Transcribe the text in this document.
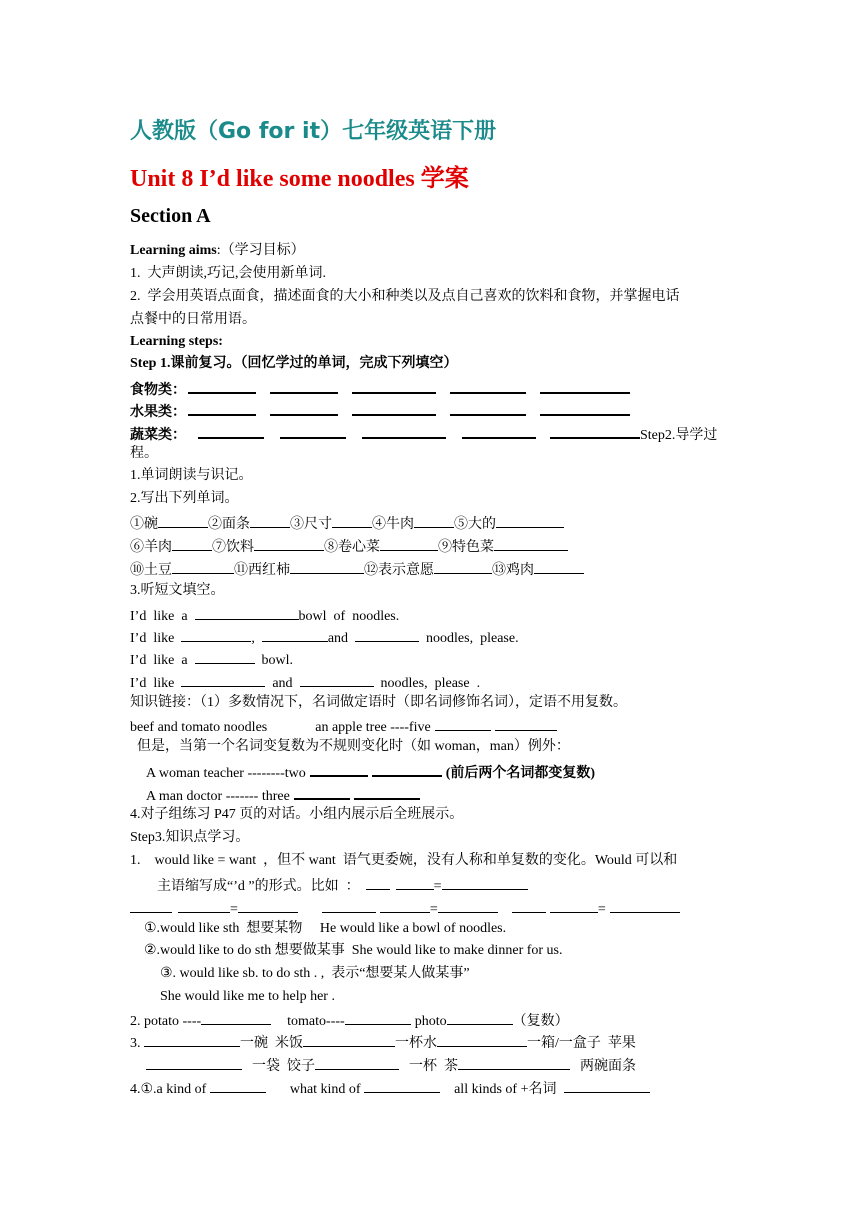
人教版（Go for it）七年级英语下册
Unit 8 I’d like some noodles 学案
Section A
Learning aims:（学习目标）
1.  大声朗读,巧记,会使用新单词.
2.  学会用英语点面食，描述面食的大小和种类以及点自己喜欢的饮料和食物，并掌握电话
点餐中的日常用语。
Learning steps:
Step 1.课前复习。（回忆学过的单词，完成下列填空）
食物类：
水果类：
蔬菜类：	Step2.导学过
程。
1.单词朗读与识记。
2.写出下列单词。
①碗	②面条	③尺寸	④牛肉	⑤大的
⑥羊肉	⑦饮料	⑧卷心菜	⑨特色菜
⑩土豆	⑪西红柿	⑫表示意愿	⑬鸡肉
3.听短文填空。
I’d  like  a	bowl  of  noodles.
I’d  like	,	and	noodles,  please.
I’d  like  a	bowl.
I’d  like	and	noodles,  please  .
知识链接：（1）多数情况下，名词做定语时（即名词修饰名词），定语不用复数。
beef and tomato noodles	an apple tree ----five
但是，当第一个名词变复数为不规则变化时（如 woman，man）例外：
A woman teacher --------two	(前后两个名词都变复数)
A man doctor ------- three
4.对子组练习 P47 页的对话。小组内展示后全班展示。
Step3.知识点学习。
1.    would like = want  ，但不 want  语气更委婉，没有人称和单复数的变化。Would 可以和
主语缩写成“’d ”的形式。比如  ：	=
=	=	=
①.would like sth  想要某物     He would like a bowl of noodles.
②.would like to do sth 想要做某事  She would like to make dinner for us.
③. would like sb. to do sth . ,  表示“想要某人做某事”
She would like me to help her .
2. potato ----	tomato----	photo	（复数）
3.	一碗  米饭	一杯水	一箱/一盒子  苹果
一袋  饺子	一杯  茶	两碗面条
4.①.a kind of	what kind of	all kinds of +名词
